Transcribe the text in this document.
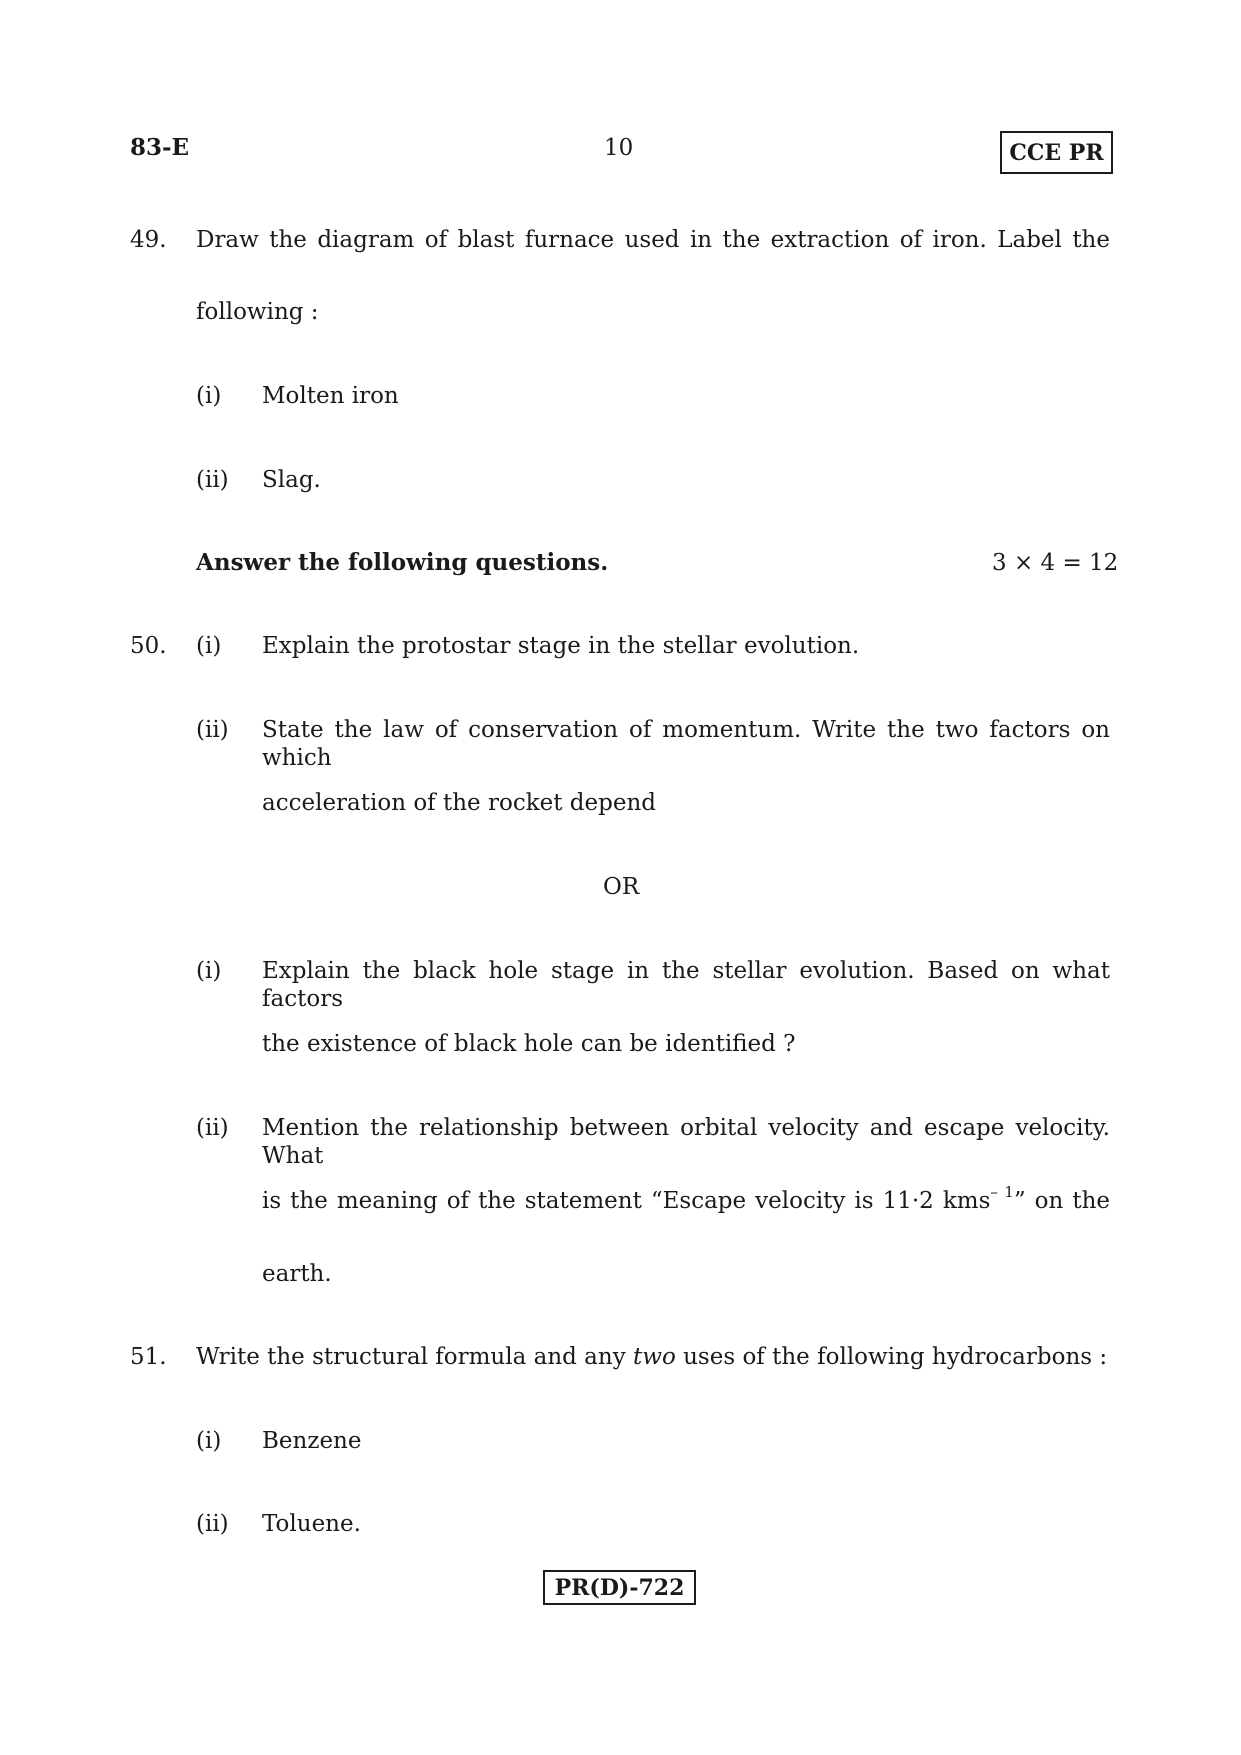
83-E	10	CCE PR
49. Draw the diagram of blast furnace used in the extraction of iron. Label the
following :
(i) Molten iron
(ii) Slag.
Answer the following questions.	3 × 4 = 12
50. (i) Explain the protostar stage in the stellar evolution.
(ii) State the law of conservation of momentum. Write the two factors on which
acceleration of the rocket depend
OR
(i) Explain the black hole stage in the stellar evolution. Based on what factors
the existence of black hole can be identified ?
(ii) Mention the relationship between orbital velocity and escape velocity. What
is the meaning of the statement “Escape velocity is 11·2 kms$^{- 1}$” on the
earth.
51. Write the structural formula and any two uses of the following hydrocarbons :
(i) Benzene
(ii) Toluene.
PR(D)-722
